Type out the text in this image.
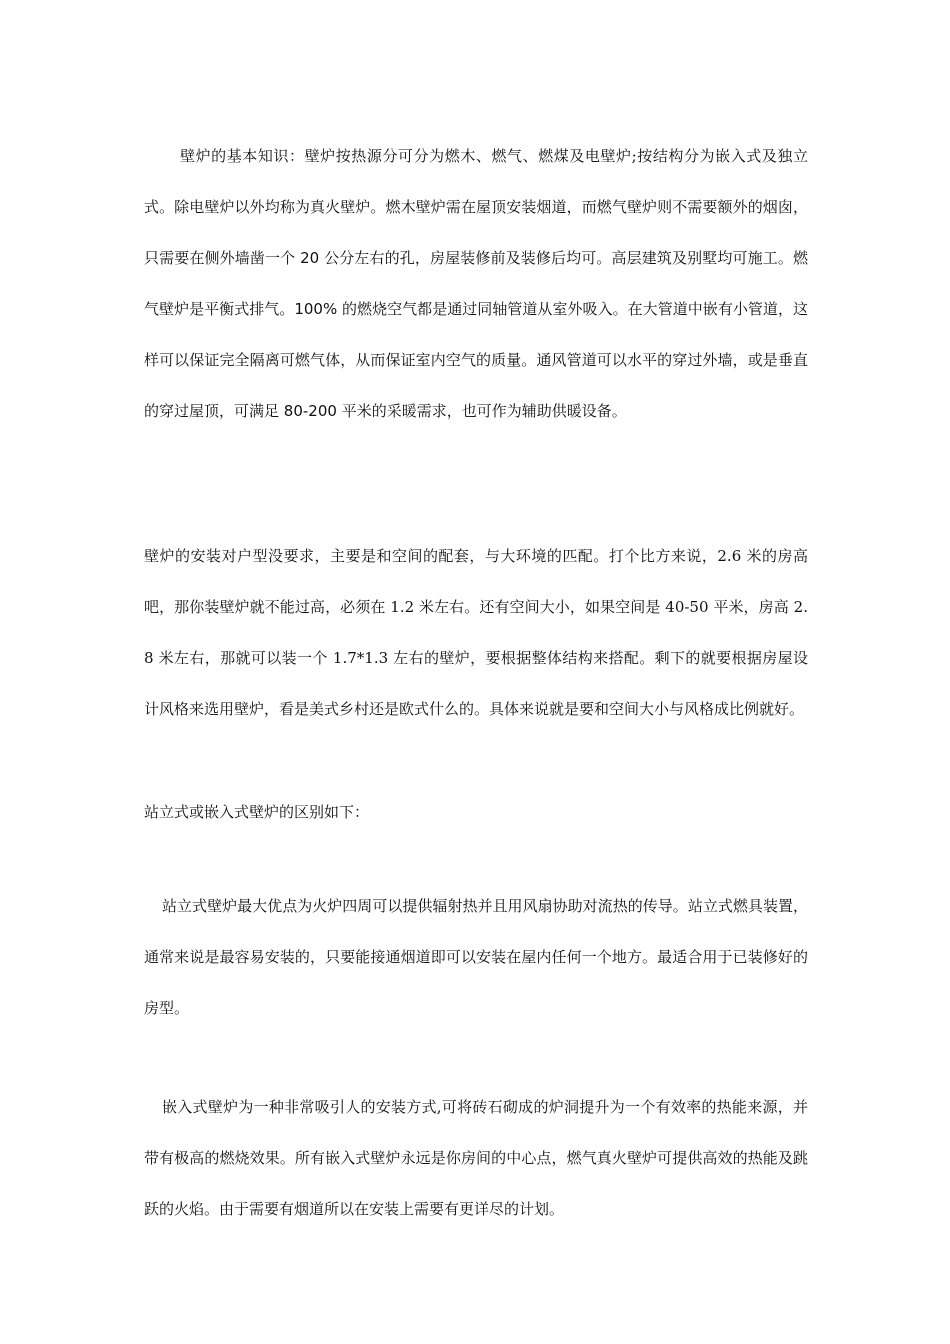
壁炉的基本知识：壁炉按热源分可分为燃木、燃气、燃煤及电壁炉;按结构分为嵌入式及独立式。除电壁炉以外均称为真火壁炉。燃木壁炉需在屋顶安装烟道，而燃气壁炉则不需要额外的烟囱，只需要在侧外墙凿一个 20 公分左右的孔，房屋装修前及装修后均可。高层建筑及别墅均可施工。燃气壁炉是平衡式排气。100% 的燃烧空气都是通过同轴管道从室外吸入。在大管道中嵌有小管道，这样可以保证完全隔离可燃气体，从而保证室内空气的质量。通风管道可以水平的穿过外墙，或是垂直的穿过屋顶，可满足 80-200 平米的采暖需求，也可作为辅助供暖设备。

壁炉的安装对户型没要求，主要是和空间的配套，与大环境的匹配。打个比方来说，2.6 米的房高吧，那你装壁炉就不能过高，必须在 1.2 米左右。还有空间大小，如果空间是 40-50 平米，房高 2.8 米左右，那就可以装一个 1.7*1.3 左右的壁炉，要根据整体结构来搭配。剩下的就要根据房屋设计风格来选用壁炉，看是美式乡村还是欧式什么的。具体来说就是要和空间大小与风格成比例就好。

站立式或嵌入式壁炉的区别如下：

站立式壁炉最大优点为火炉四周可以提供辐射热并且用风扇协助对流热的传导。站立式燃具装置，通常来说是最容易安装的，只要能接通烟道即可以安装在屋内任何一个地方。最适合用于已装修好的房型。

嵌入式壁炉为一种非常吸引人的安装方式,可将砖石砌成的炉洞提升为一个有效率的热能来源，并带有极高的燃烧效果。所有嵌入式壁炉永远是你房间的中心点，燃气真火壁炉可提供高效的热能及跳跃的火焰。由于需要有烟道所以在安装上需要有更详尽的计划。
